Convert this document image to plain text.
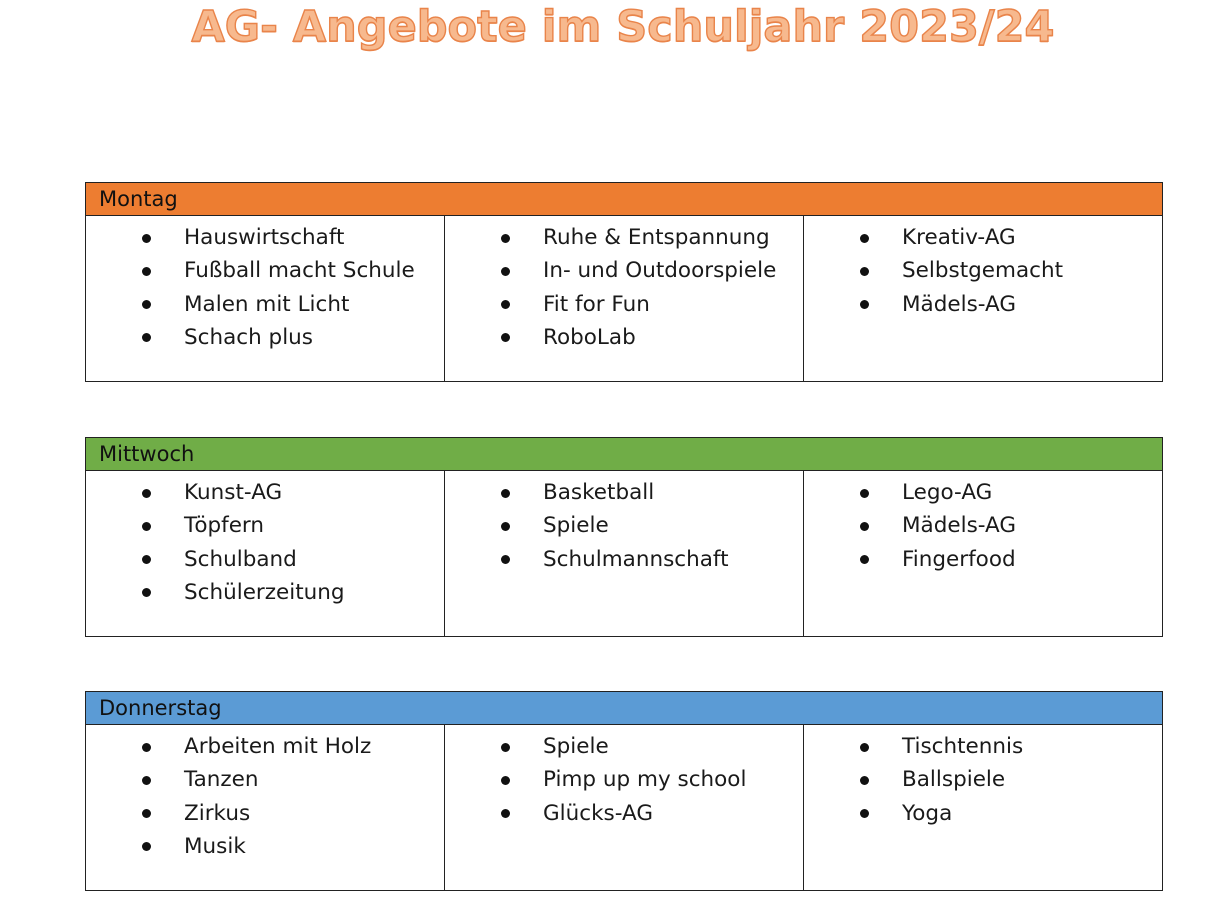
AG- Angebote im Schuljahr 2023/24
Montag

Hauswirtschaft
Fußball macht Schule
Malen mit Licht
Schach plus

Ruhe & Entspannung
In- und Outdoorspiele
Fit for Fun
RoboLab

Kreativ-AG
Selbstgemacht
Mädels-AG
Mittwoch

Kunst-AG
Töpfern
Schulband
Schülerzeitung

Basketball
Spiele
Schulmannschaft

Lego-AG
Mädels-AG
Fingerfood
Donnerstag

Arbeiten mit Holz
Tanzen
Zirkus
Musik

Spiele
Pimp up my school
Glücks-AG

Tischtennis
Ballspiele
Yoga
